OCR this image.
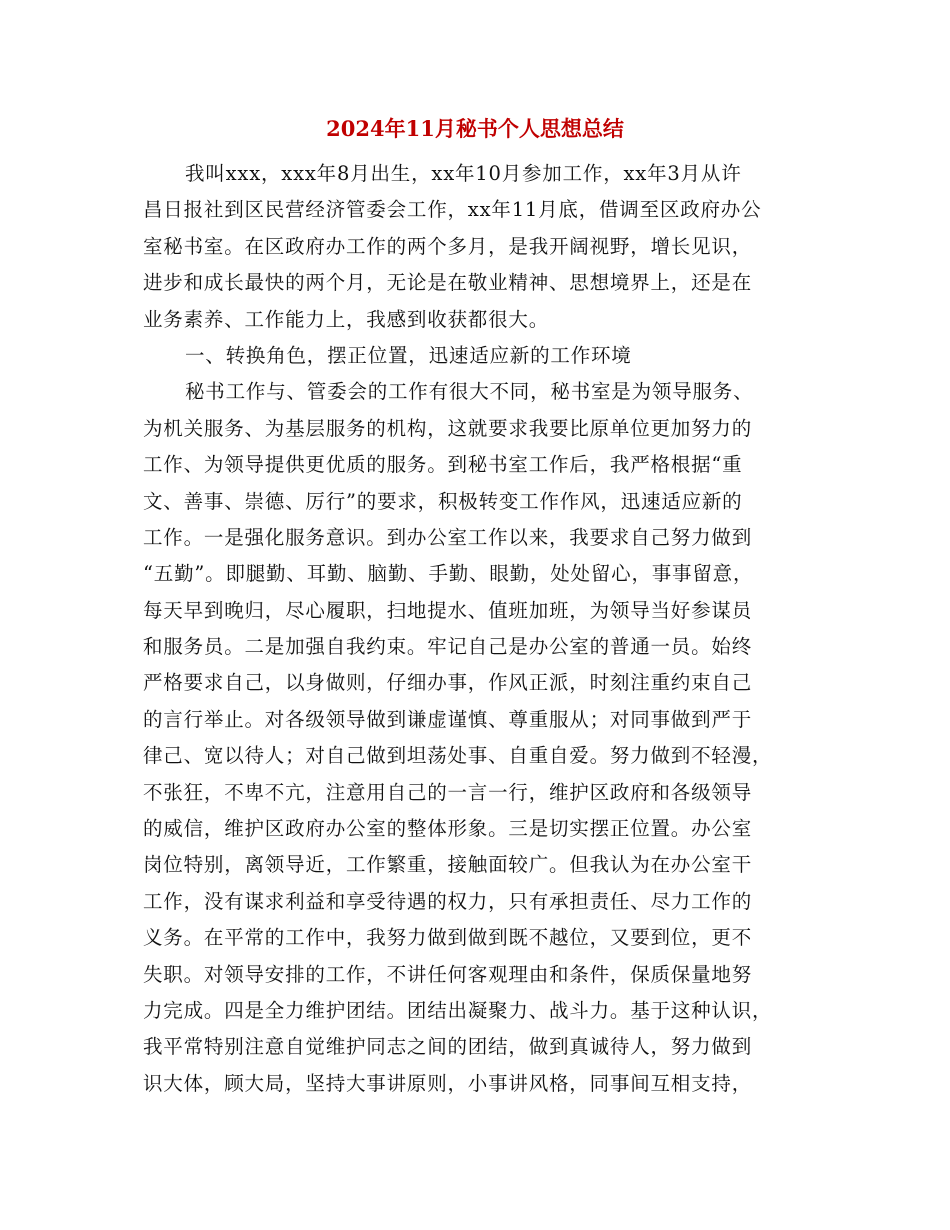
2024年11月秘书个人思想总结
我叫xxx，xxx年8月出生，xx年10月参加工作，xx年3月从许
昌日报社到区民营经济管委会工作，xx年11月底，借调至区政府办公
室秘书室。在区政府办工作的两个多月，是我开阔视野，增长见识，
进步和成长最快的两个月，无论是在敬业精神、思想境界上，还是在
业务素养、工作能力上，我感到收获都很大。
一、转换角色，摆正位置，迅速适应新的工作环境
秘书工作与、管委会的工作有很大不同，秘书室是为领导服务、
为机关服务、为基层服务的机构，这就要求我要比原单位更加努力的
工作、为领导提供更优质的服务。到秘书室工作后，我严格根据“重
文、善事、崇德、厉行”的要求，积极转变工作作风，迅速适应新的
工作。一是强化服务意识。到办公室工作以来，我要求自己努力做到
“五勤”。即腿勤、耳勤、脑勤、手勤、眼勤，处处留心，事事留意，
每天早到晚归，尽心履职，扫地提水、值班加班，为领导当好参谋员
和服务员。二是加强自我约束。牢记自己是办公室的普通一员。始终
严格要求自己，以身做则，仔细办事，作风正派，时刻注重约束自己
的言行举止。对各级领导做到谦虚谨慎、尊重服从；对同事做到严于
律己、宽以待人；对自己做到坦荡处事、自重自爱。努力做到不轻漫，
不张狂，不卑不亢，注意用自己的一言一行，维护区政府和各级领导
的威信，维护区政府办公室的整体形象。三是切实摆正位置。办公室
岗位特别，离领导近，工作繁重，接触面较广。但我认为在办公室干
工作，没有谋求利益和享受待遇的权力，只有承担责任、尽力工作的
义务。在平常的工作中，我努力做到做到既不越位，又要到位，更不
失职。对领导安排的工作，不讲任何客观理由和条件，保质保量地努
力完成。四是全力维护团结。团结出凝聚力、战斗力。基于这种认识，
我平常特别注意自觉维护同志之间的团结，做到真诚待人，努力做到
识大体，顾大局，坚持大事讲原则，小事讲风格，同事间互相支持，
